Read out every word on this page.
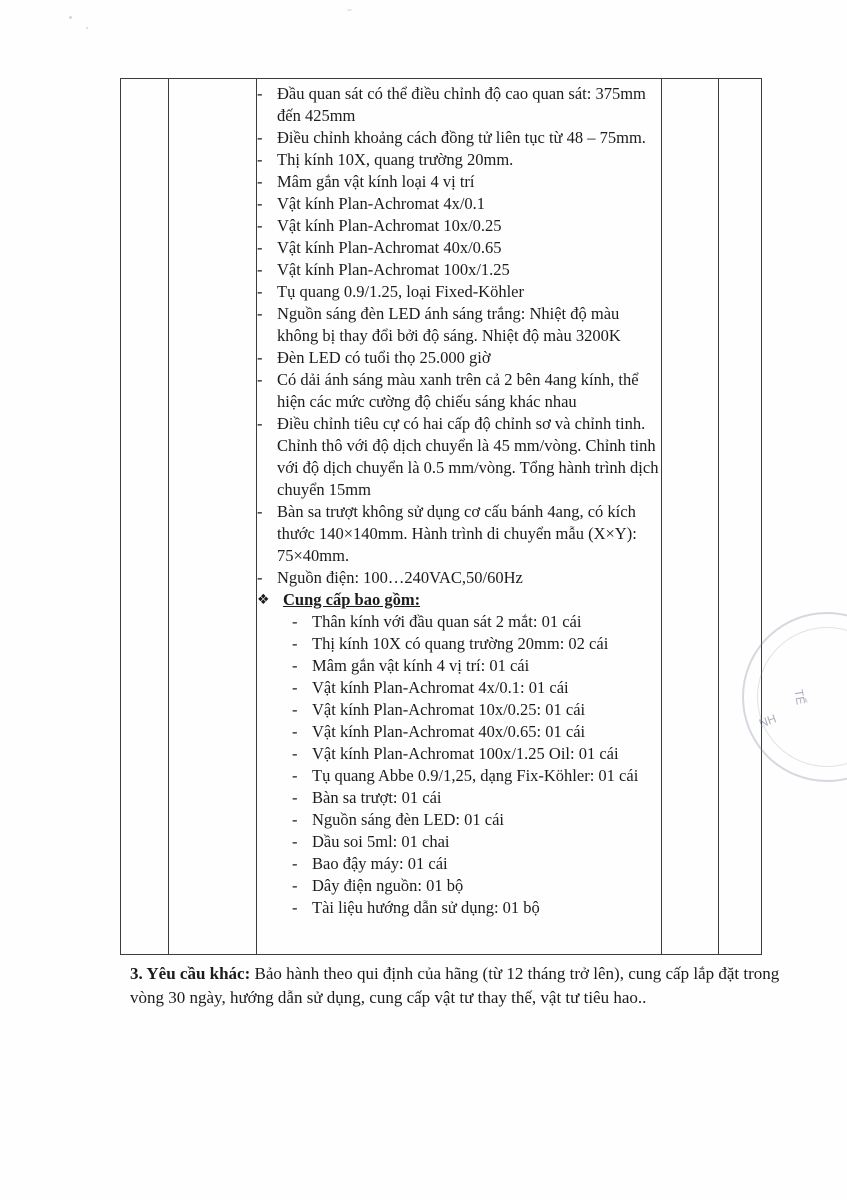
- Đầu quan sát có thể điều chỉnh độ cao quan sát: 375mm đến 425mm
- Điều chỉnh khoảng cách đồng tử liên tục từ 48 – 75mm.
- Thị kính 10X, quang trường 20mm.
- Mâm gắn vật kính loại 4 vị trí
- Vật kính Plan-Achromat 4x/0.1
- Vật kính Plan-Achromat 10x/0.25
- Vật kính Plan-Achromat 40x/0.65
- Vật kính Plan-Achromat 100x/1.25
- Tụ quang 0.9/1.25, loại Fixed-Köhler
- Nguồn sáng đèn LED ánh sáng trắng: Nhiệt độ màu không bị thay đổi bởi độ sáng. Nhiệt độ màu 3200K
- Đèn LED có tuổi thọ 25.000 giờ
- Có dải ánh sáng màu xanh trên cả 2 bên 4ang kính, thể hiện các mức cường độ chiếu sáng khác nhau
- Điều chỉnh tiêu cự có hai cấp độ chỉnh sơ và chỉnh tinh. Chỉnh thô với độ dịch chuyển là 45 mm/vòng. Chỉnh tinh với độ dịch chuyển là 0.5 mm/vòng. Tổng hành trình dịch chuyển 15mm
- Bàn sa trượt không sử dụng cơ cấu bánh 4ang, có kích thước 140×140mm. Hành trình di chuyển mẫu (X×Y): 75×40mm.
- Nguồn điện: 100…240VAC,50/60Hz
❖ Cung cấp bao gồm:
- Thân kính với đầu quan sát 2 mắt: 01 cái
- Thị kính 10X có quang trường 20mm: 02 cái
- Mâm gắn vật kính 4 vị trí: 01 cái
- Vật kính Plan-Achromat 4x/0.1: 01 cái
- Vật kính Plan-Achromat 10x/0.25: 01 cái
- Vật kính Plan-Achromat 40x/0.65: 01 cái
- Vật kính Plan-Achromat 100x/1.25 Oil: 01 cái
- Tụ quang Abbe 0.9/1,25, dạng Fix-Köhler: 01 cái
- Bàn sa trượt: 01 cái
- Nguồn sáng đèn LED: 01 cái
- Dầu soi 5ml: 01 chai
- Bao đậy máy: 01 cái
- Dây điện nguồn: 01 bộ
- Tài liệu hướng dẫn sử dụng: 01 bộ

3. Yêu cầu khác: Bảo hành theo qui định của hãng (từ 12 tháng trở lên), cung cấp lắp đặt trong vòng 30 ngày, hướng dẫn sử dụng, cung cấp vật tư thay thế, vật tư tiêu hao..

NH
TẾ
